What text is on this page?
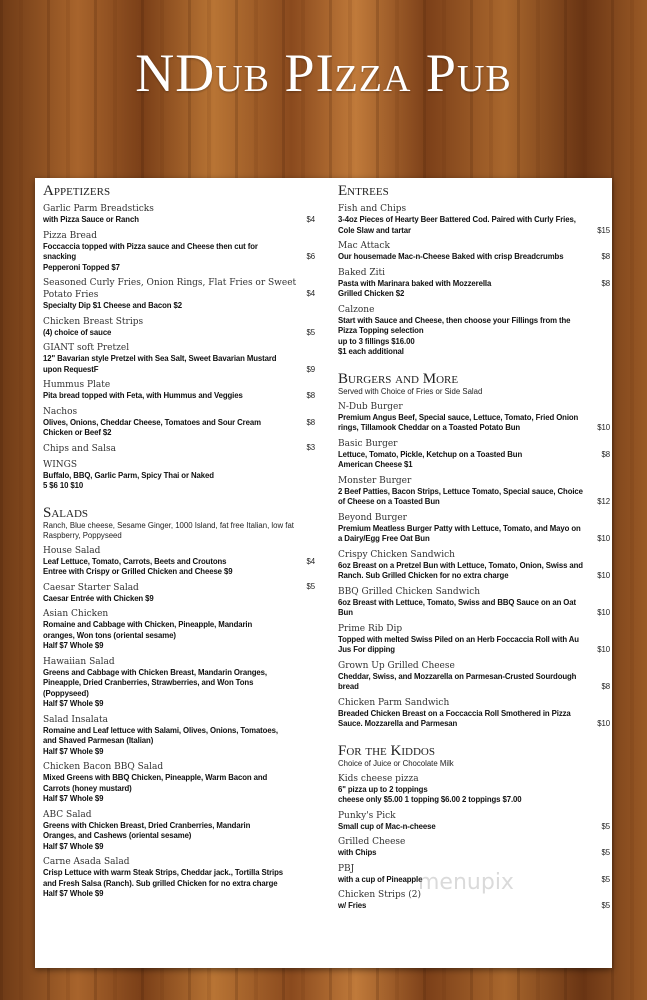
NDub PIzza Pub
Appetizers
Garlic Parm Breadsticks
with Pizza Sauce or Ranch	$4
Pizza Bread
Foccaccia topped with Pizza sauce and Cheese then cut for
snacking	$6
Pepperoni Topped $7
Seasoned Curly Fries, Onion Rings, Flat Fries or Sweet
Potato Fries	$4
Specialty Dip $1 Cheese and Bacon $2
Chicken Breast Strips
(4) choice of sauce	$5
GIANT soft Pretzel
12" Bavarian style Pretzel with Sea Salt, Sweet Bavarian Mustard
upon RequestF	$9
Hummus Plate
Pita bread topped with Feta, with Hummus and Veggies	$8
Nachos
Olives, Onions, Cheddar Cheese, Tomatoes and Sour Cream	$8
Chicken or Beef $2
Chips and Salsa	$3
WINGS
Buffalo, BBQ, Garlic Parm, Spicy Thai or Naked
5 $6 10 $10
Salads
Ranch, Blue cheese, Sesame Ginger, 1000 Island, fat free Italian, low fat Raspberry, Poppyseed
House Salad
Leaf Lettuce, Tomato, Carrots, Beets and Croutons	$4
Entree with Crispy or Grilled Chicken and Cheese $9
Caesar Starter Salad	$5
Caesar Entrée with Chicken $9
Asian Chicken
Romaine and Cabbage with Chicken, Pineapple, Mandarin
oranges, Won tons (oriental sesame)
Half $7 Whole $9
Hawaiian Salad
Greens and Cabbage with Chicken Breast, Mandarin Oranges,
Pineapple, Dried Cranberries, Strawberries, and Won Tons
(Poppyseed)
Half $7 Whole $9
Salad Insalata
Romaine and Leaf lettuce with Salami, Olives, Onions, Tomatoes,
and Shaved Parmesan (Italian)
Half $7 Whole $9
Chicken Bacon BBQ Salad
Mixed Greens with BBQ Chicken, Pineapple, Warm Bacon and
Carrots (honey mustard)
Half $7 Whole $9
ABC Salad
Greens with Chicken Breast, Dried Cranberries, Mandarin
Oranges, and Cashews (oriental sesame)
Half $7 Whole $9
Carne Asada Salad
Crisp Lettuce with warm Steak Strips, Cheddar jack., Tortilla Strips
and Fresh Salsa (Ranch). Sub grilled Chicken for no extra charge
Half $7 Whole $9
Entrees
Fish and Chips
3-4oz Pieces of Hearty Beer Battered Cod. Paired with Curly Fries,
Cole Slaw and tartar	$15
Mac Attack
Our housemade Mac-n-Cheese Baked with crisp Breadcrumbs	$8
Baked Ziti
Pasta with Marinara baked with Mozzerella	$8
Grilled Chicken $2
Calzone
Start with Sauce and Cheese, then choose your Fillings from the
Pizza Topping selection
up to 3 fillings $16.00
$1 each additional
Burgers and More
Served with Choice of Fries or Side Salad
N-Dub Burger
Premium Angus Beef, Special sauce, Lettuce, Tomato, Fried Onion
rings, Tillamook Cheddar on a Toasted Potato Bun	$10
Basic Burger
Lettuce, Tomato, Pickle, Ketchup on a Toasted Bun	$8
American Cheese $1
Monster Burger
2 Beef Patties, Bacon Strips, Lettuce Tomato, Special sauce, Choice
of Cheese on a Toasted Bun	$12
Beyond Burger
Premium Meatless Burger Patty with Lettuce, Tomato, and Mayo on
a Dairy/Egg Free Oat Bun	$10
Crispy Chicken Sandwich
6oz Breast on a Pretzel Bun with Lettuce, Tomato, Onion, Swiss and
Ranch. Sub Grilled Chicken for no extra charge	$10
BBQ Grilled Chicken Sandwich
6oz Breast with Lettuce, Tomato, Swiss and BBQ Sauce on an Oat
Bun	$10
Prime Rib Dip
Topped with melted Swiss Piled on an Herb Foccaccia Roll with Au
Jus For dipping	$10
Grown Up Grilled Cheese
Cheddar, Swiss, and Mozzarella on Parmesan-Crusted Sourdough
bread	$8
Chicken Parm Sandwich
Breaded Chicken Breast on a Foccaccia Roll Smothered in Pizza
Sauce. Mozzarella and Parmesan	$10
For the Kiddos
Choice of Juice or Chocolate Milk
Kids cheese pizza
6" pizza up to 2 toppings
cheese only $5.00 1 topping $6.00 2 toppings $7.00
Punky's Pick
Small cup of Mac-n-cheese	$5
Grilled Cheese
with Chips	$5
PBJ
with a cup of Pineapple	$5
Chicken Strips (2)
w/ Fries	$5
menupix
